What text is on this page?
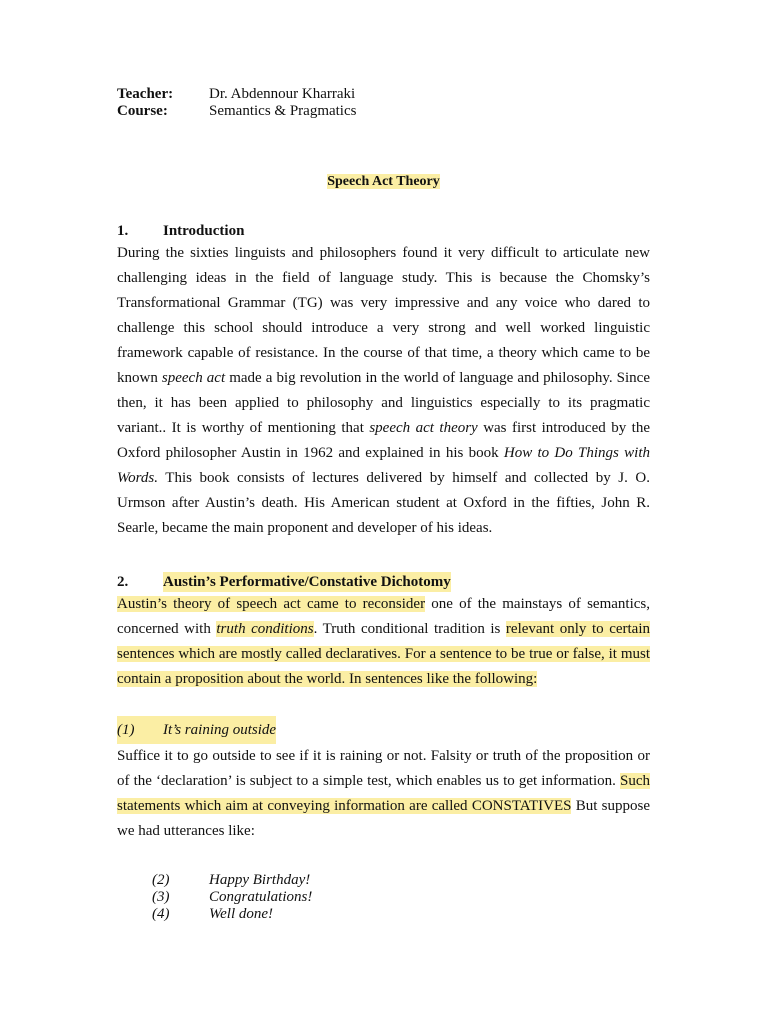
Teacher:	Dr. Abdennour Kharraki
Course:	Semantics & Pragmatics
Speech Act Theory
1.	Introduction

During the sixties linguists and philosophers found it very difficult to articulate new challenging ideas in the field of language study. This is because the Chomsky’s Transformational Grammar (TG) was very impressive and any voice who dared to challenge this school should introduce a very strong and well worked linguistic framework capable of resistance. In the course of that time, a theory which came to be known speech act made a big revolution in the world of language and philosophy. Since then, it has been applied to philosophy and linguistics especially to its pragmatic variant.. It is worthy of mentioning that speech act theory was first introduced by the Oxford philosopher Austin in 1962 and explained in his book How to Do Things with Words. This book consists of lectures delivered by himself and collected by J. O. Urmson after Austin’s death. His American student at Oxford in the fifties, John R. Searle, became the main proponent and developer of his ideas.

2.	Austin’s Performative/Constative Dichotomy

Austin’s theory of speech act came to reconsider one of the mainstays of semantics, concerned with truth conditions. Truth conditional tradition is relevant only to certain sentences which are mostly called declaratives. For a sentence to be true or false, it must contain a proposition about the world. In sentences like the following:

(1)	It’s raining outside

Suffice it to go outside to see if it is raining or not. Falsity or truth of the proposition or of the ‘declaration’ is subject to a simple test, which enables us to get information. Such statements which aim at conveying information are called CONSTATIVES But suppose we had utterances like:

(2)	Happy Birthday!
(3)	Congratulations!
(4)	Well done!
